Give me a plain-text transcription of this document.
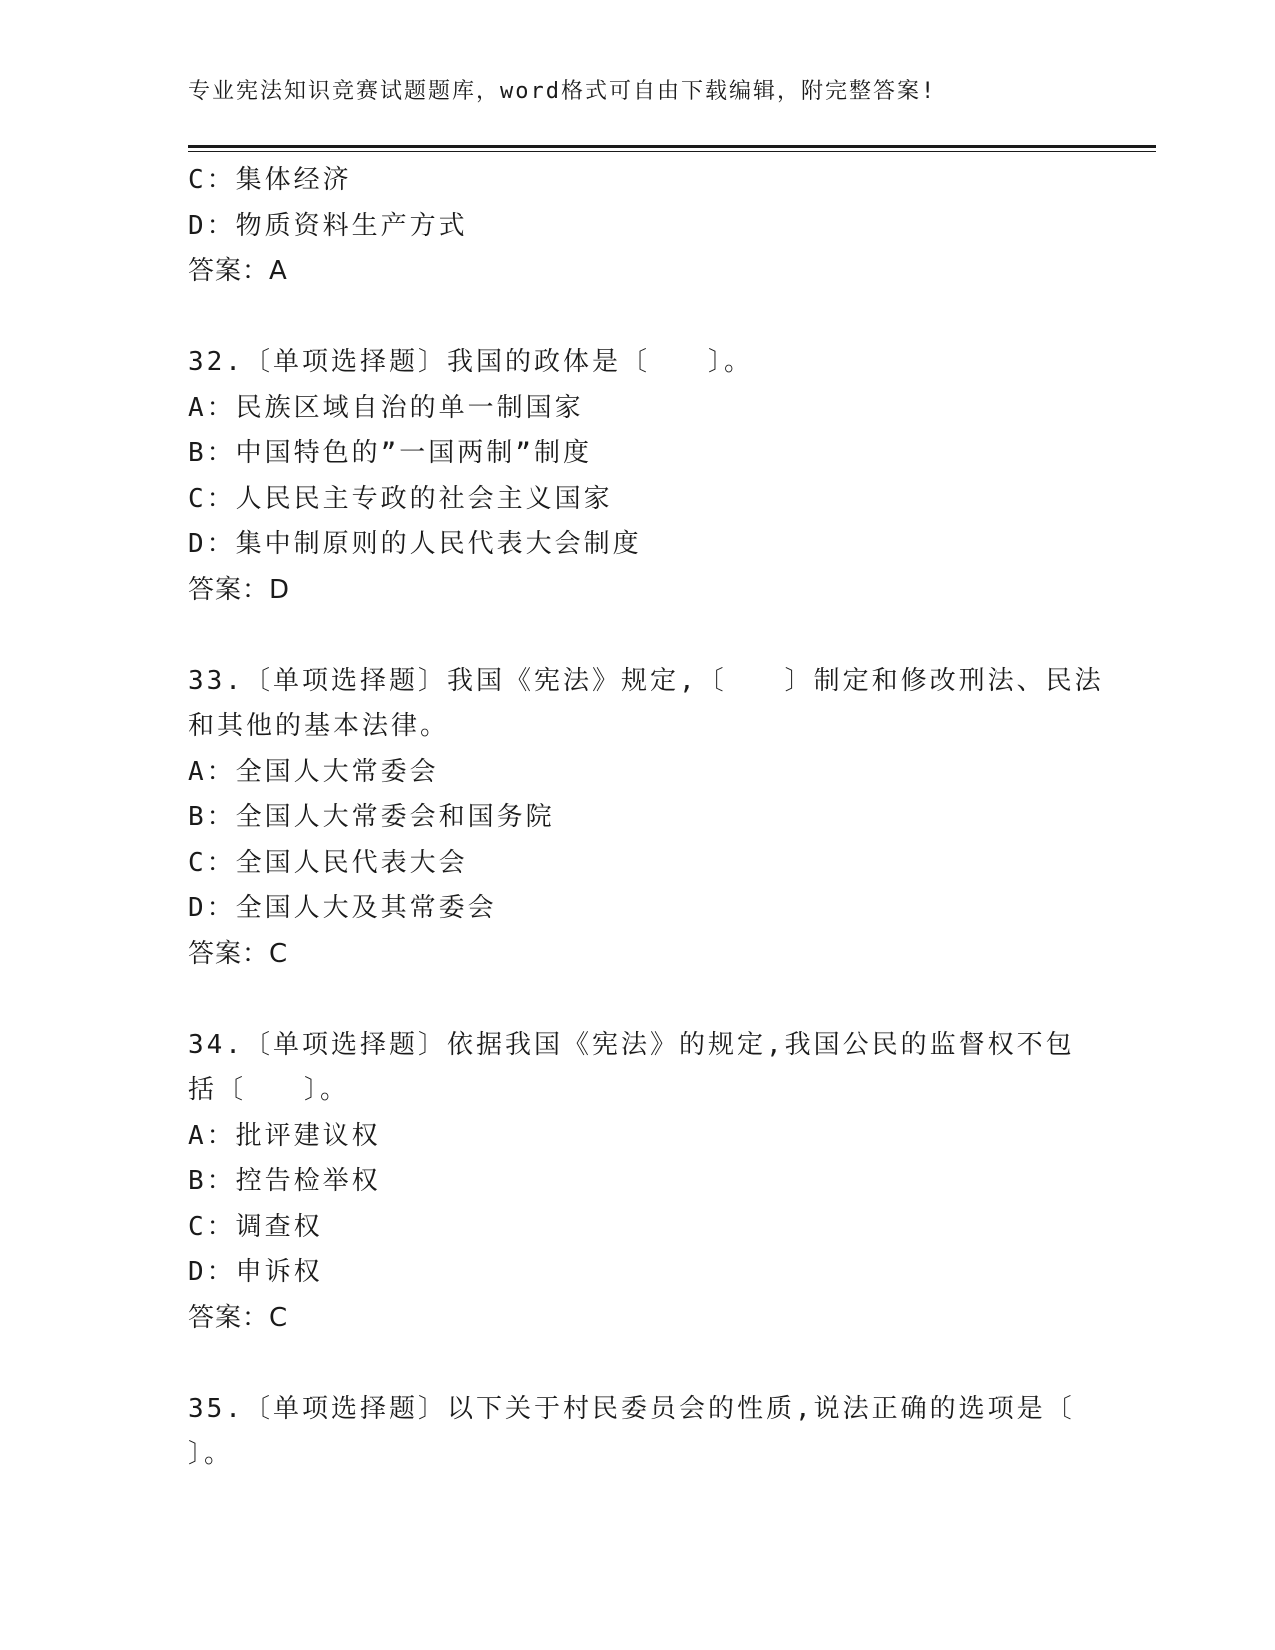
专业宪法知识竞赛试题题库，word格式可自由下载编辑，附完整答案!
C：集体经济
D：物质资料生产方式
答案：A
32.〔单项选择题〕我国的政体是〔　　〕。
A：民族区域自治的单一制国家
B：中国特色的”一国两制”制度
C：人民民主专政的社会主义国家
D：集中制原则的人民代表大会制度
答案：D
33.〔单项选择题〕我国《宪法》规定,〔　　〕制定和修改刑法、民法
和其他的基本法律。
A：全国人大常委会
B：全国人大常委会和国务院
C：全国人民代表大会
D：全国人大及其常委会
答案：C
34.〔单项选择题〕依据我国《宪法》的规定,我国公民的监督权不包
括〔　　〕。
A：批评建议权
B：控告检举权
C：调查权
D：申诉权
答案：C
35.〔单项选择题〕以下关于村民委员会的性质,说法正确的选项是〔
〕。
